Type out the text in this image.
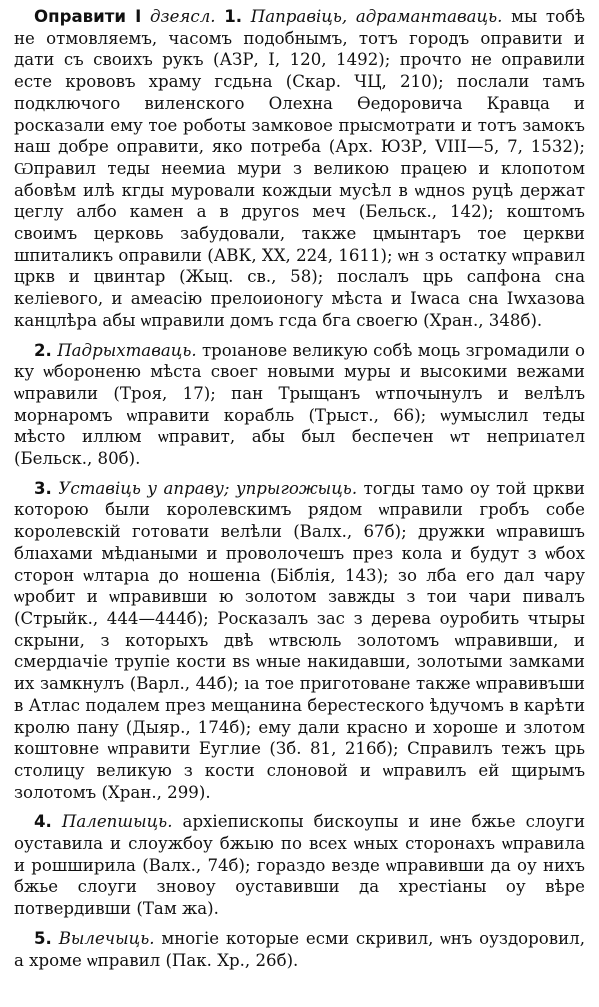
Оправити І дзеясл. 1. Паправіць, адрамантаваць. мы тобѣ не отмовляемъ, часомъ подобнымъ, тотъ городъ оправити и дати съ своихъ рукъ (АЗР, I, 120, 1492); прочто не оправили есте крововъ храму гсдьна (Скар. ЧЦ, 210); послали тамъ подключого виленского Олехна Ѳедоровича Кравца и росказали ему тое роботы замковое прысмотрати и тотъ замокъ наш добре оправити, яко потреба (Арх. ЮЗР, VIII—5, 7, 1532); Ѡправил теды неемиа мури з великою працею и клопотом абовѣм илѣ кгды муровали кождыи мусѣл в ѡдноѕ руцѣ держат цеглу албо камен а в другоѕ меч (Бельск., 142); коштомъ своимъ церковь забудовали, также цмынтаръ тое церкви шпиталикъ оправили (АВК, XX, 224, 1611); ѡн з остатку ѡправил цркв и цвинтар (Жыц. св., 58); послалъ црь сапфона сна келіевого, и амеасію прелоионогу мѣста и Іwаса сна Іwхазова канцлѣра абы ѡправили домъ гсда бга своегю (Хран., 348б).

2. Падрыхтаваць. троıанове великую собѣ моць згромадили о ку ѡбороненю мѣста своег новыми муры и высокими вежами ѡправили (Троя, 17); пан Трыщанъ ѡтпочынулъ и велѣлъ морнаромъ ѡправити корабль (Трыст., 66); ѡумыслил теды мѣсто иллюм ѡправит, абы был беспечен ѡт неприıател (Бельск., 80б).

3. Уставіць у аправу; упрыгожыць. тогды тамо оу той цркви которою были королевскимъ рядом ѡправили гробъ собе королевскій готовати велѣли (Валх., 67б); дружки ѡправишъ блıахами мѣдıаными и проволочешъ през кола и будут з ѡбох сторон ѡлтарıа до ношенıа (Біблія, 143); зо лба его дал чару ѡробит и ѡправивши ю золотом завжды з тои чари пивалъ (Стрыйк., 444—444б); Росказалъ зас з дерева оуробить чтыры скрыни, з которыхъ двѣ ѡтвсюль золотомъ ѡправивши, и смердıачіе трупіе кости вѕ ѡные накидавши, золотыми замками их замкнулъ (Варл., 44б); ıа тое приготоване также ѡправивъши в Атлас подалем през мещанина берестеского ѣдучомъ в карѣти кролю пану (Дыяр., 174б); ему дали красно и хороше и злотом коштовне ѡправити Еуглие (Зб. 81, 216б); Справилъ тежъ црь столицу великую з кости слоновой и ѡправилъ ей щирымъ золотомъ (Хран., 299).

4. Палепшыць. архіепископы бискоупы и ине бжье слоуги оуставила и слоужбоу бжьıю по всех ѡных сторонахъ ѡправила и рошширила (Валх., 74б); гораздо везде ѡправивши да оу нихъ бжье слоуги зновоу оуставивши да хрестіаны оу вѣре потвердивши (Там жа).

5. Вылечыць. многіе которые есми скривил, ѡнъ оуздоровил, а хроме ѡправил (Пак. Хр., 26б).
